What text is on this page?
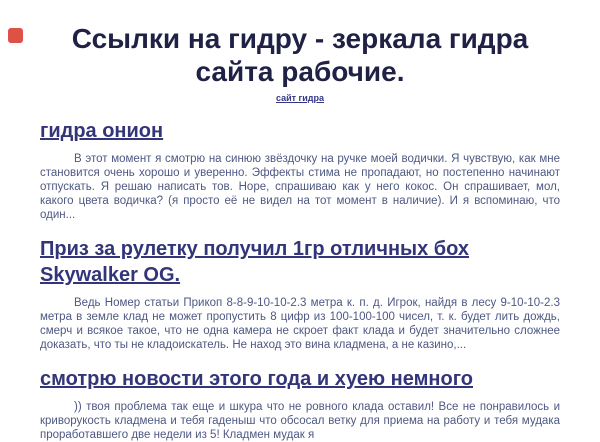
Ссылки на гидру - зеркала гидра сайта рабочие.
сайт гидра
гидра онион

В этот момент я смотрю на синюю звёздочку на ручке моей водички. Я чувствую, как мне становится очень хорошо и уверенно. Эффекты стима не пропадают, но постепенно начинают отпускать. Я решаю написать тов. Норе, спрашиваю как у него кокос. Он спрашивает, мол, какого цвета водичка? (я просто её не видел на тот момент в наличие). И я вспоминаю, что один...

Приз за рулетку получил 1гр отличных бох Skywalker OG.

Ведь Номер статьи Прикоп 8-8-9-10-10-2.3 метра к. п. д. Игрок, найдя в лесу 9-10-10-2.3 метра в земле клад не может пропустить 8 цифр из 100-100-100 чисел, т. к. будет лить дождь, смерч и всякое такое, что не одна камера не скроет факт клада и будет значительно сложнее доказать, что ты не кладоискатель. Не наход это вина кладмена, а не казино,...

смотрю новости этого года и хуею немного

)) твоя проблема так еще и шкура что не ровного клада оставил! Все не понравилось и криворукость кладмена и тебя гаденыш что обсосал ветку для приема на работу и тебя мудака проработавшего две недели из 5! Кладмен мудак я
